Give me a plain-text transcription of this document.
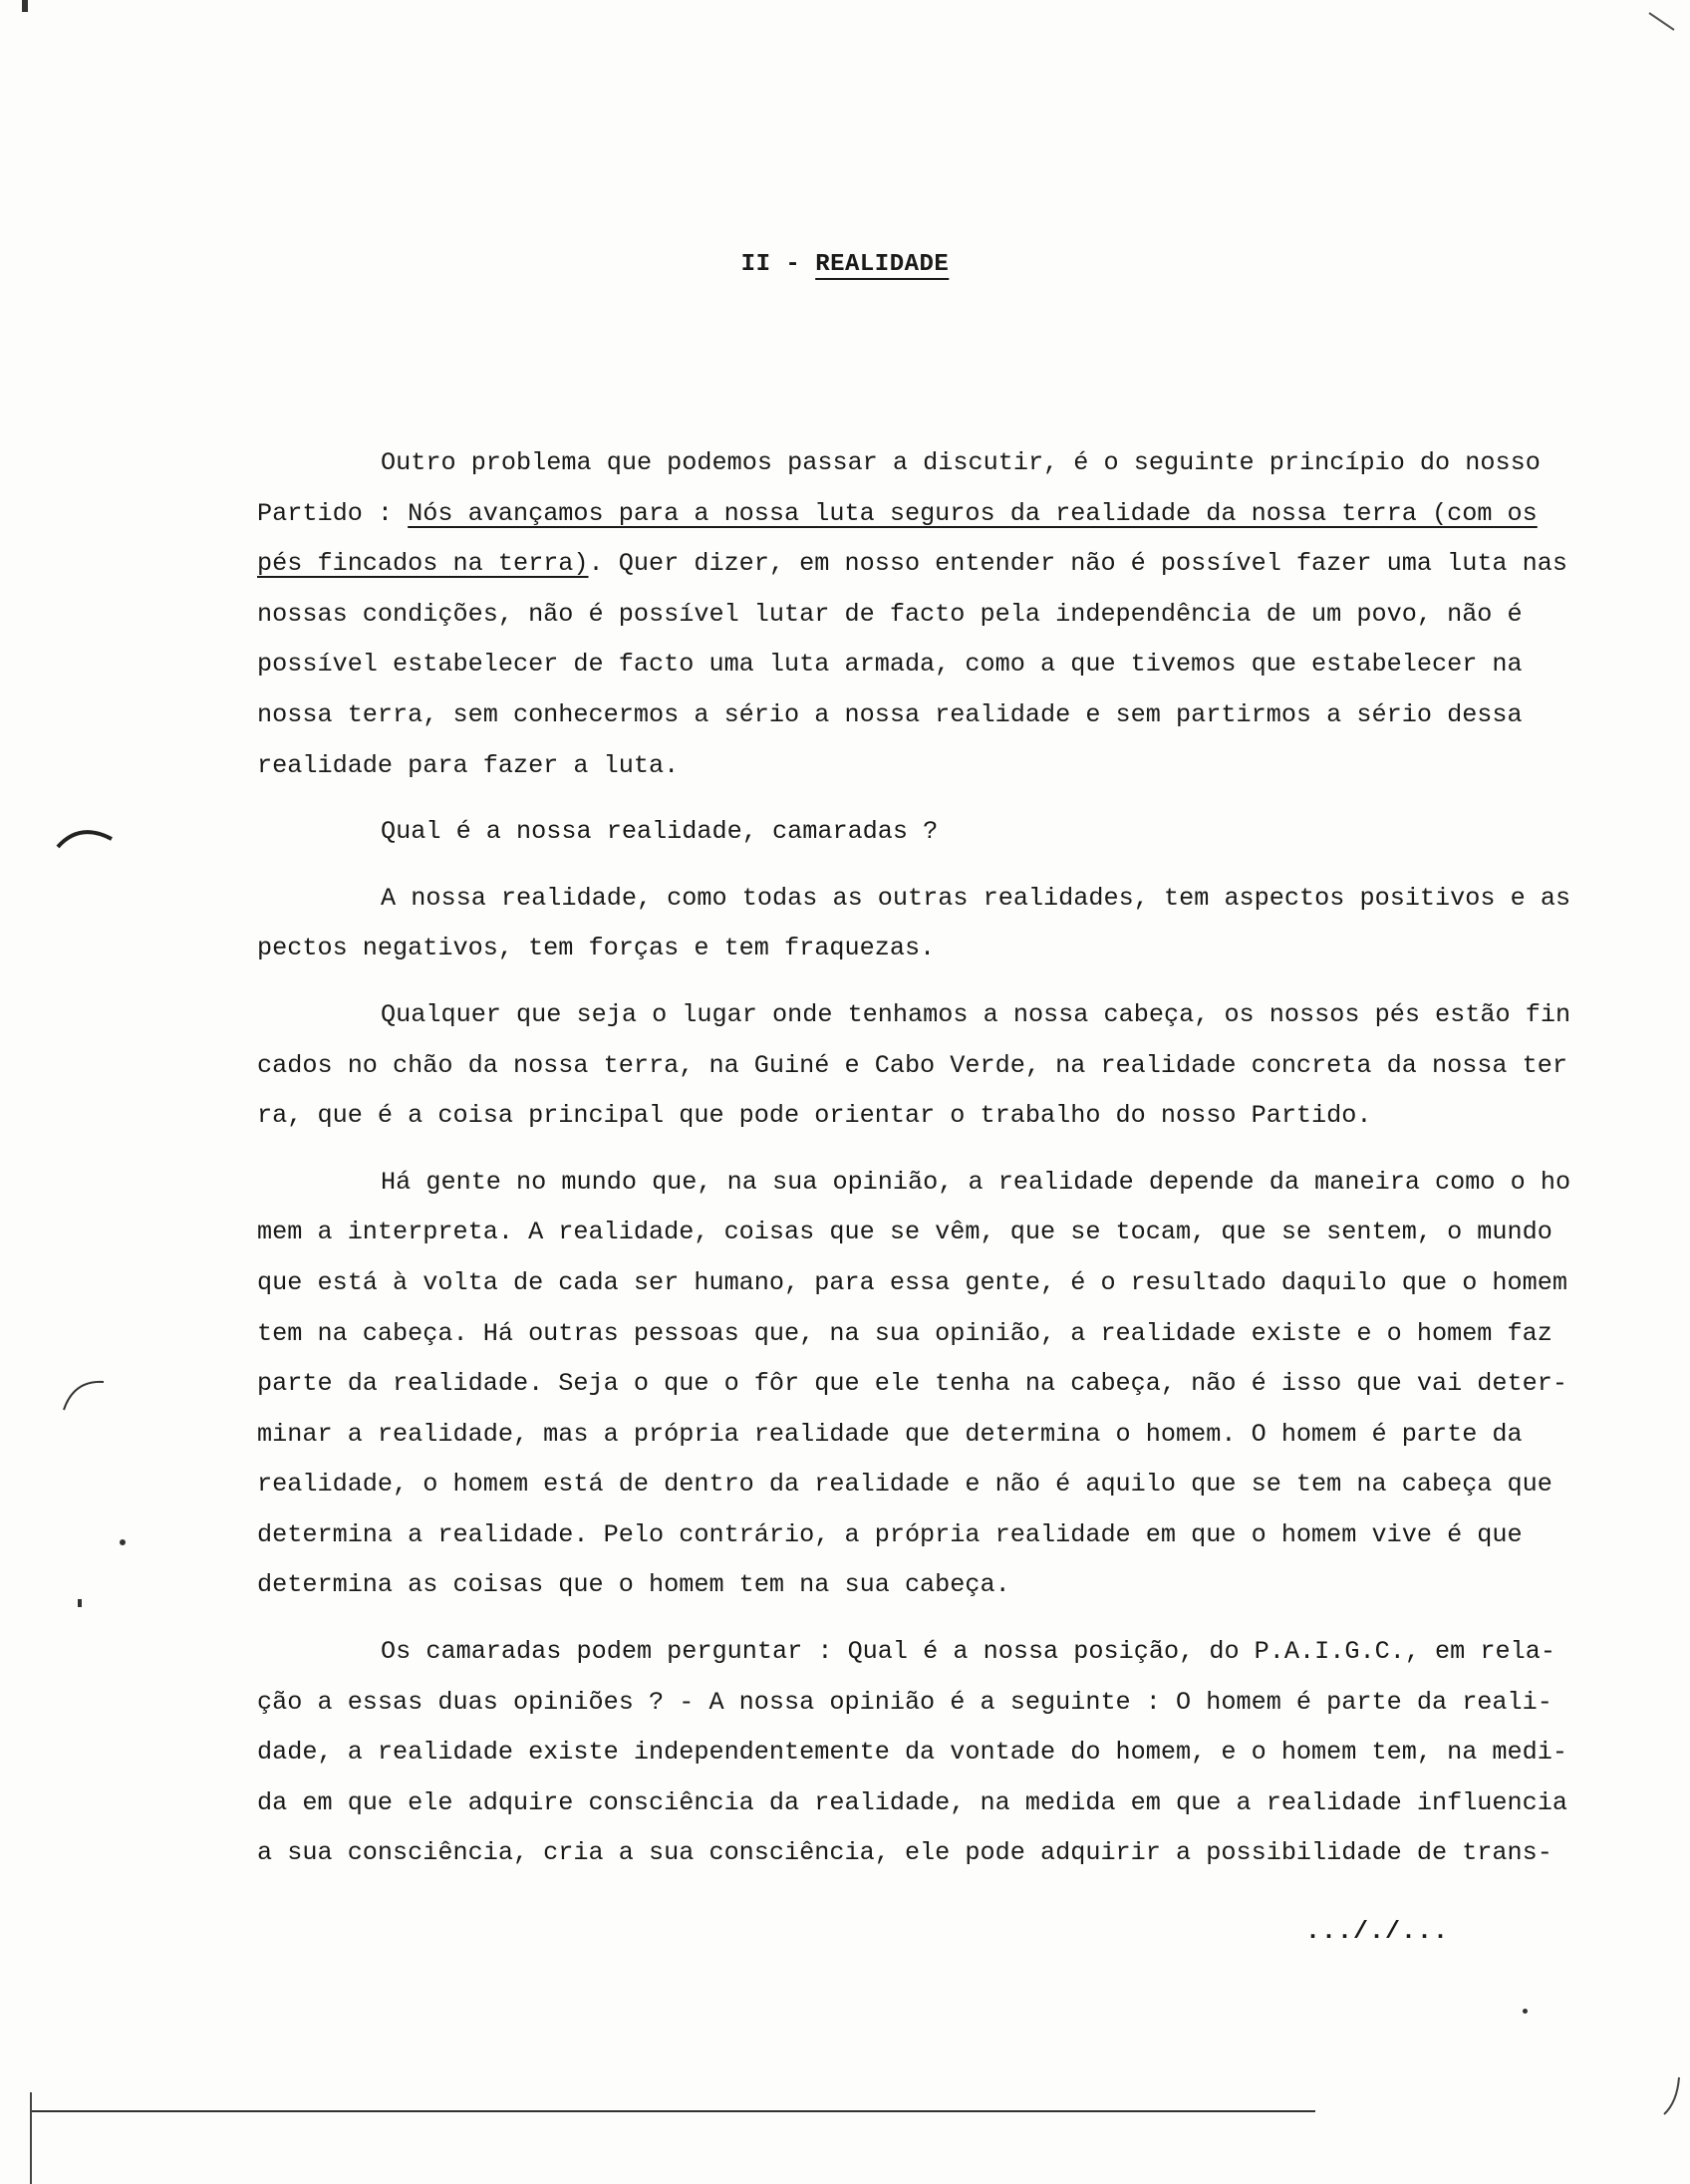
II - REALIDADE
Outro problema que podemos passar a discutir, é o seguinte princípio do nosso
Partido : Nós avançamos para a nossa luta seguros da realidade da nossa terra (com os
pés fincados na terra). Quer dizer, em nosso entender não é possível fazer uma luta nas
nossas condições, não é possível lutar de facto pela independência de um povo, não é
possível estabelecer de facto uma luta armada, como a que tivemos que estabelecer na
nossa terra, sem conhecermos a sério a nossa realidade e sem partirmos a sério dessa
realidade para fazer a luta.
Qual é a nossa realidade, camaradas ?
A nossa realidade, como todas as outras realidades, tem aspectos positivos e as
pectos negativos, tem forças e tem fraquezas.
Qualquer que seja o lugar onde tenhamos a nossa cabeça, os nossos pés estão fin
cados no chão da nossa terra, na Guiné e Cabo Verde, na realidade concreta da nossa ter
ra, que é a coisa principal que pode orientar o trabalho do nosso Partido.
Há gente no mundo que, na sua opinião, a realidade depende da maneira como o ho
mem a interpreta. A realidade, coisas que se vêm, que se tocam, que se sentem, o mundo
que está à volta de cada ser humano, para essa gente, é o resultado daquilo que o homem
tem na cabeça. Há outras pessoas que, na sua opinião, a realidade existe e o homem faz
parte da realidade. Seja o que o fôr que ele tenha na cabeça, não é isso que vai deter-
minar a realidade, mas a própria realidade que determina o homem. O homem é parte da
realidade, o homem está de dentro da realidade e não é aquilo que se tem na cabeça que
determina a realidade. Pelo contrário, a própria realidade em que o homem vive é que
determina as coisas que o homem tem na sua cabeça.
Os camaradas podem perguntar : Qual é a nossa posição, do P.A.I.G.C., em rela-
ção a essas duas opiniões ? - A nossa opinião é a seguinte : O homem é parte da reali-
dade, a realidade existe independentemente da vontade do homem, e o homem tem, na medi-
da em que ele adquire consciência da realidade, na medida em que a realidade influencia
a sua consciência, cria a sua consciência, ele pode adquirir a possibilidade de trans-
..././...
